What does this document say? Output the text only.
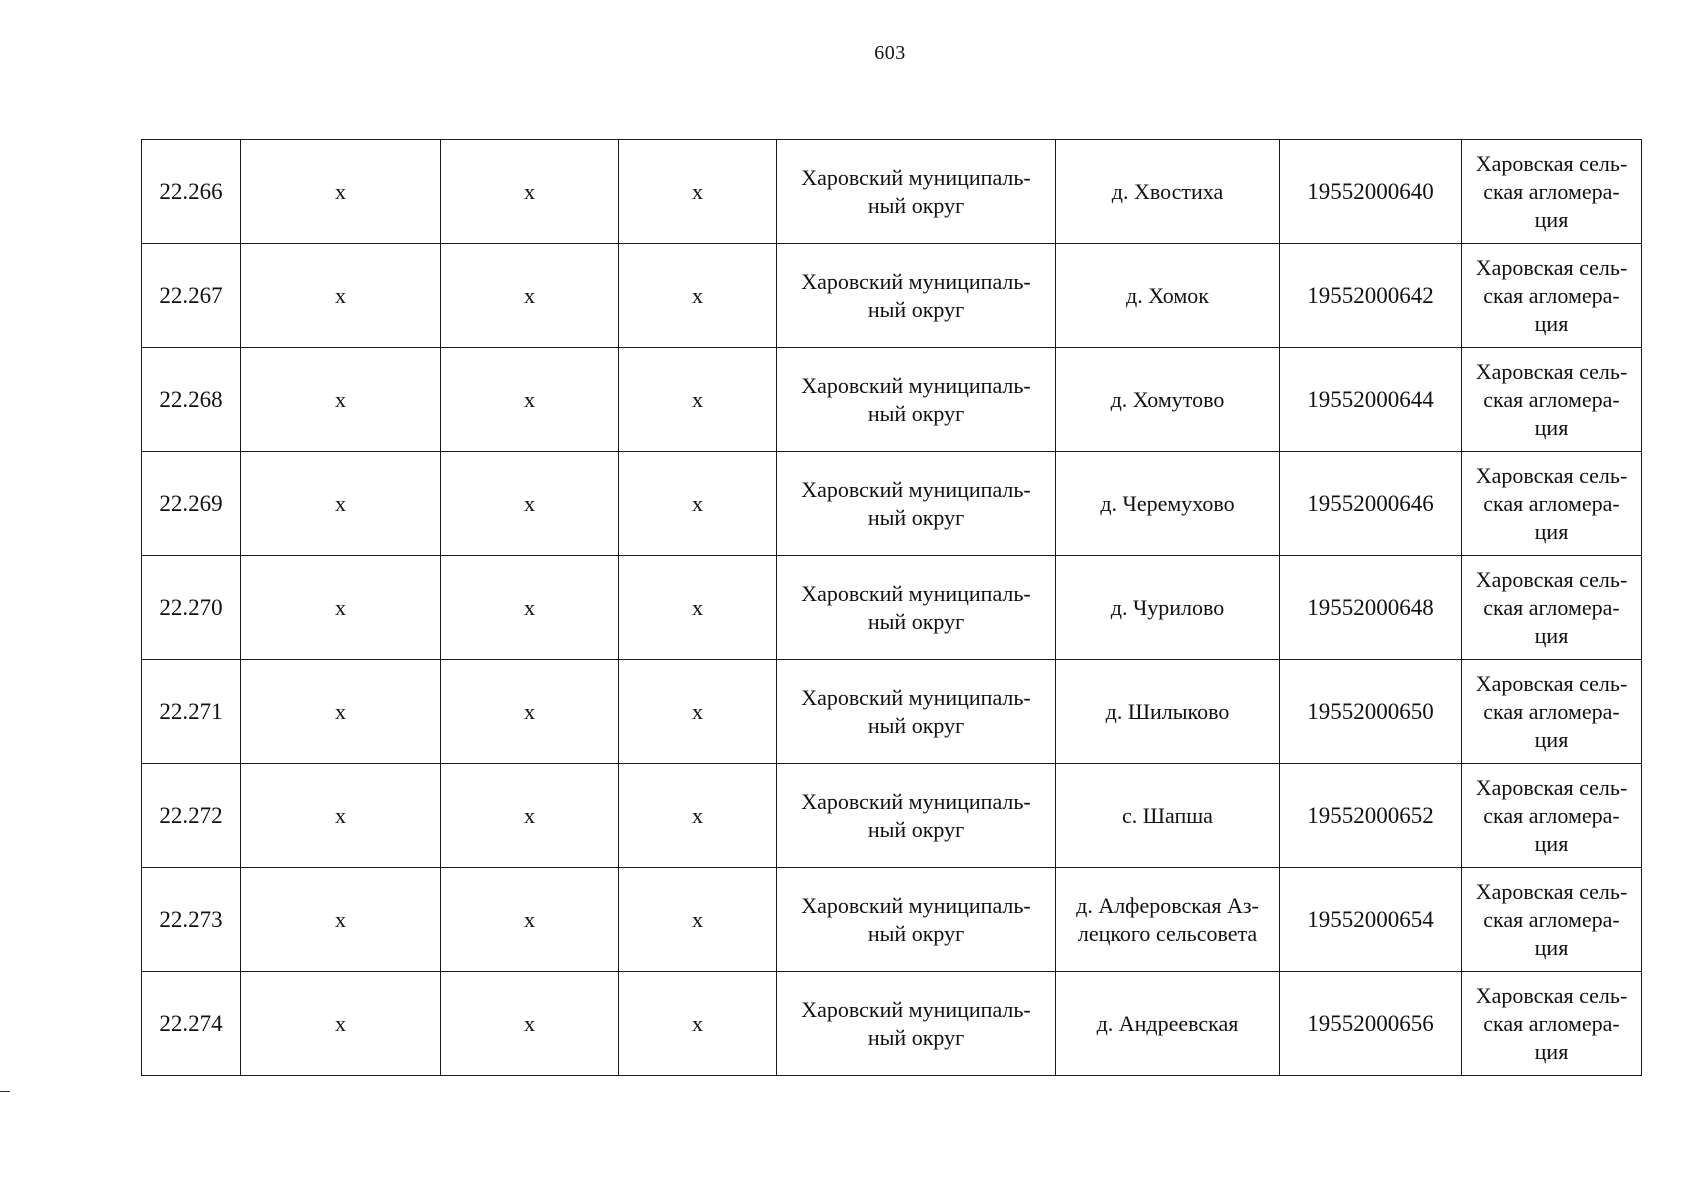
603
22.266	х	х	х	Харовский муниципаль-
ный округ	д. Хвостиха	19552000640	Харовская сель-
ская агломера-
ция
22.267	х	х	х	Харовский муниципаль-
ный округ	д. Хомок	19552000642	Харовская сель-
ская агломера-
ция
22.268	х	х	х	Харовский муниципаль-
ный округ	д. Хомутово	19552000644	Харовская сель-
ская агломера-
ция
22.269	х	х	х	Харовский муниципаль-
ный округ	д. Черемухово	19552000646	Харовская сель-
ская агломера-
ция
22.270	х	х	х	Харовский муниципаль-
ный округ	д. Чурилово	19552000648	Харовская сель-
ская агломера-
ция
22.271	х	х	х	Харовский муниципаль-
ный округ	д. Шилыково	19552000650	Харовская сель-
ская агломера-
ция
22.272	х	х	х	Харовский муниципаль-
ный округ	с. Шапша	19552000652	Харовская сель-
ская агломера-
ция
22.273	х	х	х	Харовский муниципаль-
ный округ	д. Алферовская Аз-
лецкого сельсовета	19552000654	Харовская сель-
ская агломера-
ция
22.274	х	х	х	Харовский муниципаль-
ный округ	д. Андреевская	19552000656	Харовская сель-
ская агломера-
ция
